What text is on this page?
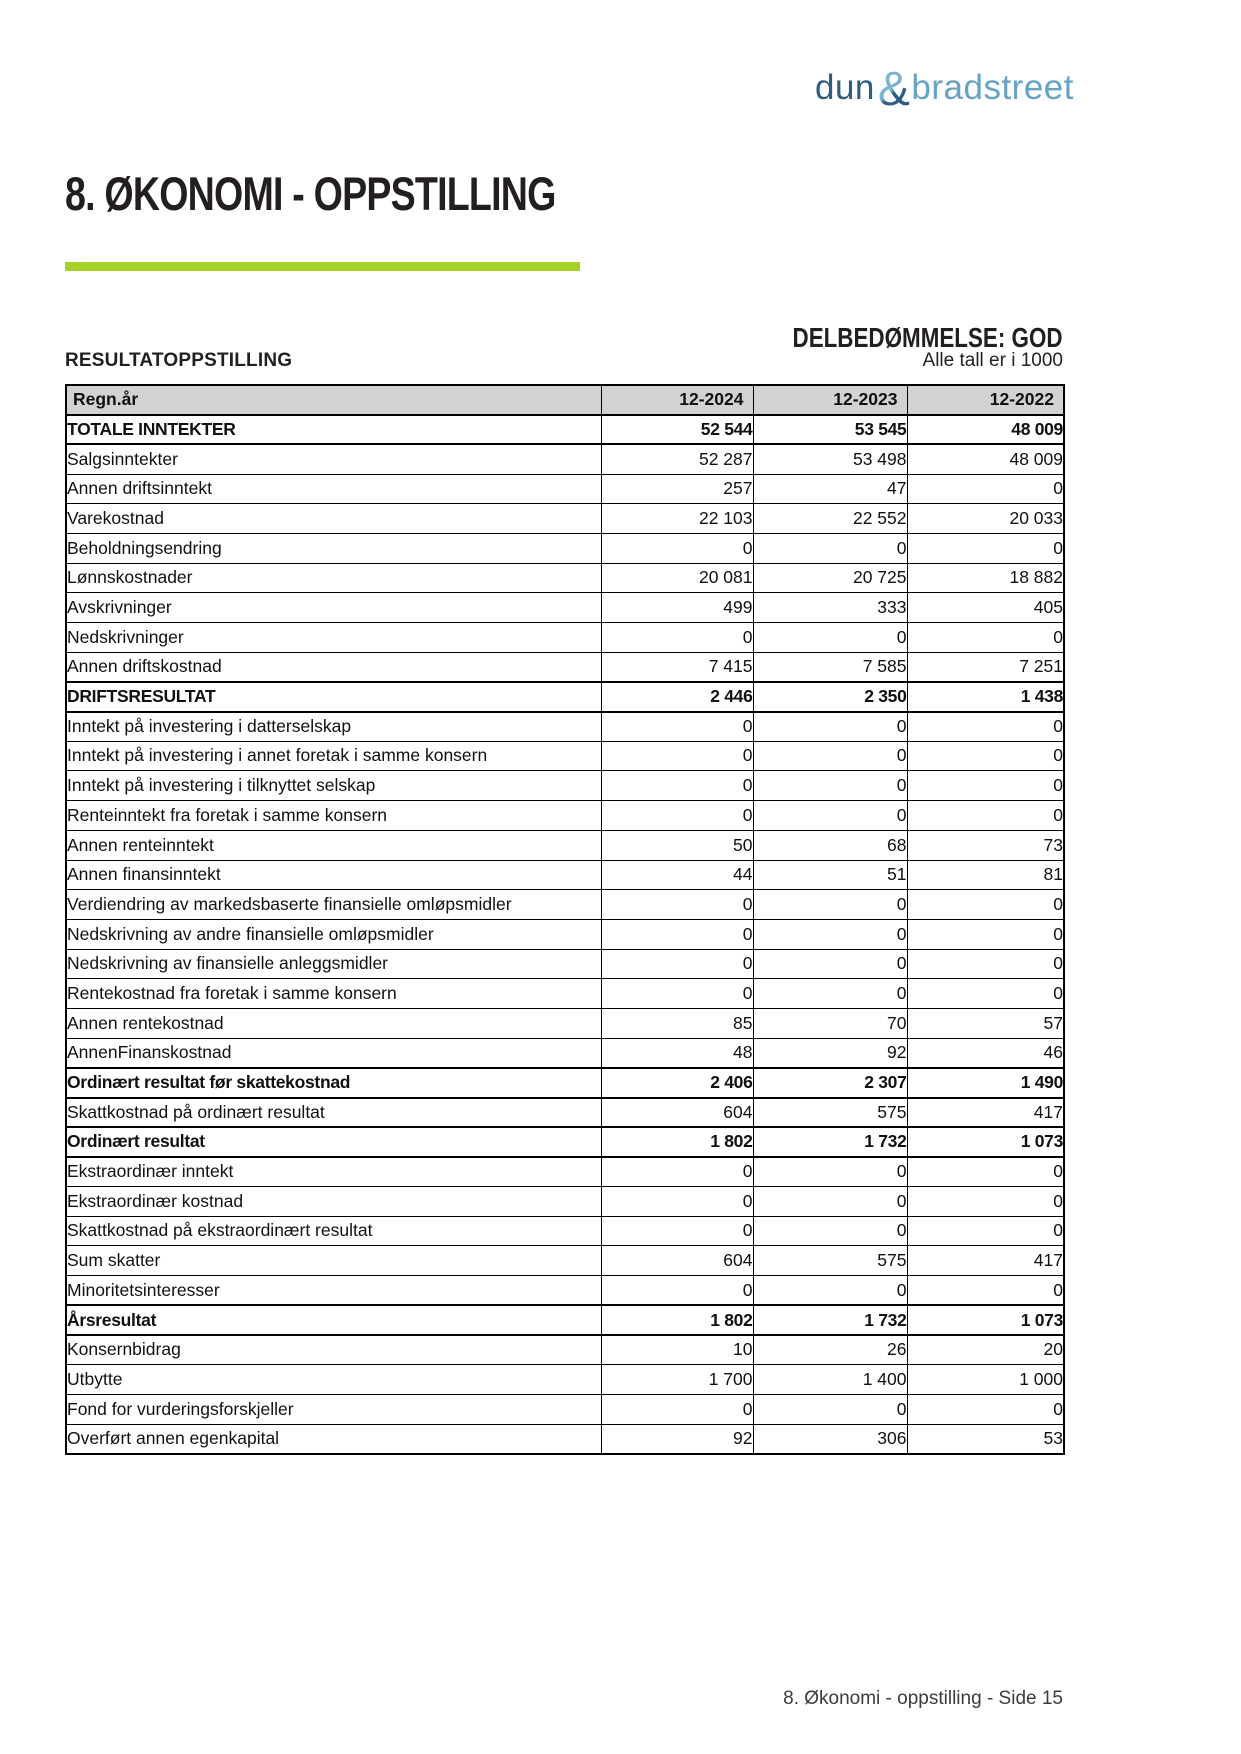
dun&bradstreet
8. ØKONOMI - OPPSTILLING
DELBEDØMMELSE: GOD
RESULTATOPPSTILLING	Alle tall er i 1000
Regn.år	12-2024	12-2023	12-2022
TOTALE INNTEKTER	52 544	53 545	48 009
Salgsinntekter	52 287	53 498	48 009
Annen driftsinntekt	257	47	0
Varekostnad	22 103	22 552	20 033
Beholdningsendring	0	0	0
Lønnskostnader	20 081	20 725	18 882
Avskrivninger	499	333	405
Nedskrivninger	0	0	0
Annen driftskostnad	7 415	7 585	7 251
DRIFTSRESULTAT	2 446	2 350	1 438
Inntekt på investering i datterselskap	0	0	0
Inntekt på investering i annet foretak i samme konsern	0	0	0
Inntekt på investering i tilknyttet selskap	0	0	0
Renteinntekt fra foretak i samme konsern	0	0	0
Annen renteinntekt	50	68	73
Annen finansinntekt	44	51	81
Verdiendring av markedsbaserte finansielle omløpsmidler	0	0	0
Nedskrivning av andre finansielle omløpsmidler	0	0	0
Nedskrivning av finansielle anleggsmidler	0	0	0
Rentekostnad fra foretak i samme konsern	0	0	0
Annen rentekostnad	85	70	57
AnnenFinanskostnad	48	92	46
Ordinært resultat før skattekostnad	2 406	2 307	1 490
Skattkostnad på ordinært resultat	604	575	417
Ordinært resultat	1 802	1 732	1 073
Ekstraordinær inntekt	0	0	0
Ekstraordinær kostnad	0	0	0
Skattkostnad på ekstraordinært resultat	0	0	0
Sum skatter	604	575	417
Minoritetsinteresser	0	0	0
Årsresultat	1 802	1 732	1 073
Konsernbidrag	10	26	20
Utbytte	1 700	1 400	1 000
Fond for vurderingsforskjeller	0	0	0
Overført annen egenkapital	92	306	53
8. Økonomi - oppstilling - Side 15
